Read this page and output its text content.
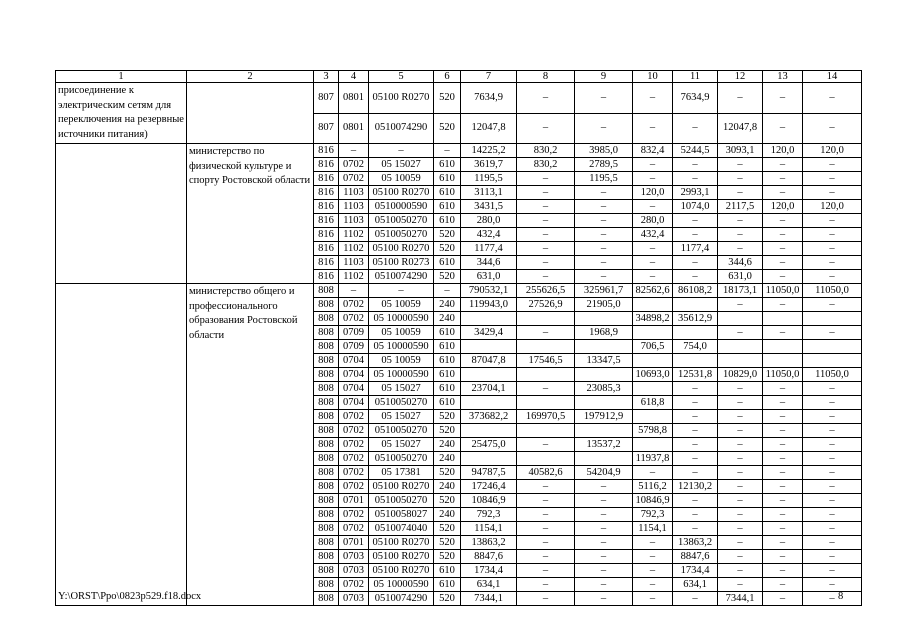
1	2	3	4	5	6	7	8	9	10	11	12	13	14
присоединение к электрическим сетям для переключения на резервные источники питания)		807	0801	05100 R0270	520	7634,9	–	–	–	7634,9	–	–	–
		807	0801	0510074290	520	12047,8	–	–	–	–	12047,8	–	–
	министерство по физической культуре и спорту Ростовской области	816	–	–	–	14225,2	830,2	3985,0	832,4	5244,5	3093,1	120,0	120,0
		816	0702	05 15027	610	3619,7	830,2	2789,5	–	–	–	–	–
		816	0702	05 10059	610	1195,5	–	1195,5	–	–	–	–	–
		816	1103	05100 R0270	610	3113,1	–	–	120,0	2993,1	–	–	–
		816	1103	0510000590	610	3431,5	–	–	–	1074,0	2117,5	120,0	120,0
		816	1103	0510050270	610	280,0	–	–	280,0	–	–	–	–
		816	1102	0510050270	520	432,4	–	–	432,4	–	–	–	–
		816	1102	05100 R0270	520	1177,4	–	–	–	1177,4	–	–	–
		816	1103	05100 R0273	610	344,6	–	–	–	–	344,6	–	–
		816	1102	0510074290	520	631,0	–	–	–	–	631,0	–	–
	министерство общего и профессионального образования Ростовской области	808	–	–	–	790532,1	255626,5	325961,7	82562,6	86108,2	18173,1	11050,0	11050,0
		808	0702	05 10059	240	119943,0	27526,9	21905,0			–	–	–
		808	0702	05 10000590	240				34898,2	35612,9			
		808	0709	05 10059	610	3429,4	–	1968,9			–	–	–
		808	0709	05 10000590	610				706,5	754,0			
		808	0704	05 10059	610	87047,8	17546,5	13347,5					
		808	0704	05 10000590	610				10693,0	12531,8	10829,0	11050,0	11050,0
		808	0704	05 15027	610	23704,1	–	23085,3		–	–	–	–
		808	0704	0510050270	610				618,8	–	–	–	–
		808	0702	05 15027	520	373682,2	169970,5	197912,9		–	–	–	–
		808	0702	0510050270	520				5798,8	–	–	–	–
		808	0702	05 15027	240	25475,0	–	13537,2		–	–	–	–
		808	0702	0510050270	240				11937,8	–	–	–	–
		808	0702	05 17381	520	94787,5	40582,6	54204,9	–	–	–	–	–
		808	0702	05100 R0270	240	17246,4	–	–	5116,2	12130,2	–	–	–
		808	0701	0510050270	520	10846,9	–	–	10846,9	–	–	–	–
		808	0702	0510058027	240	792,3	–	–	792,3	–	–	–	–
		808	0702	0510074040	520	1154,1	–	–	1154,1	–	–	–	–
		808	0701	05100 R0270	520	13863,2	–	–	–	13863,2	–	–	–
		808	0703	05100 R0270	520	8847,6	–	–	–	8847,6	–	–	–
		808	0703	05100 R0270	610	1734,4	–	–	–	1734,4	–	–	–
		808	0702	05 10000590	610	634,1	–	–	–	634,1	–	–	–
		808	0703	0510074290	520	7344,1	–	–	–	–	7344,1	–	–
Y:\ORST\Ppo\0823p529.f18.docx	8
